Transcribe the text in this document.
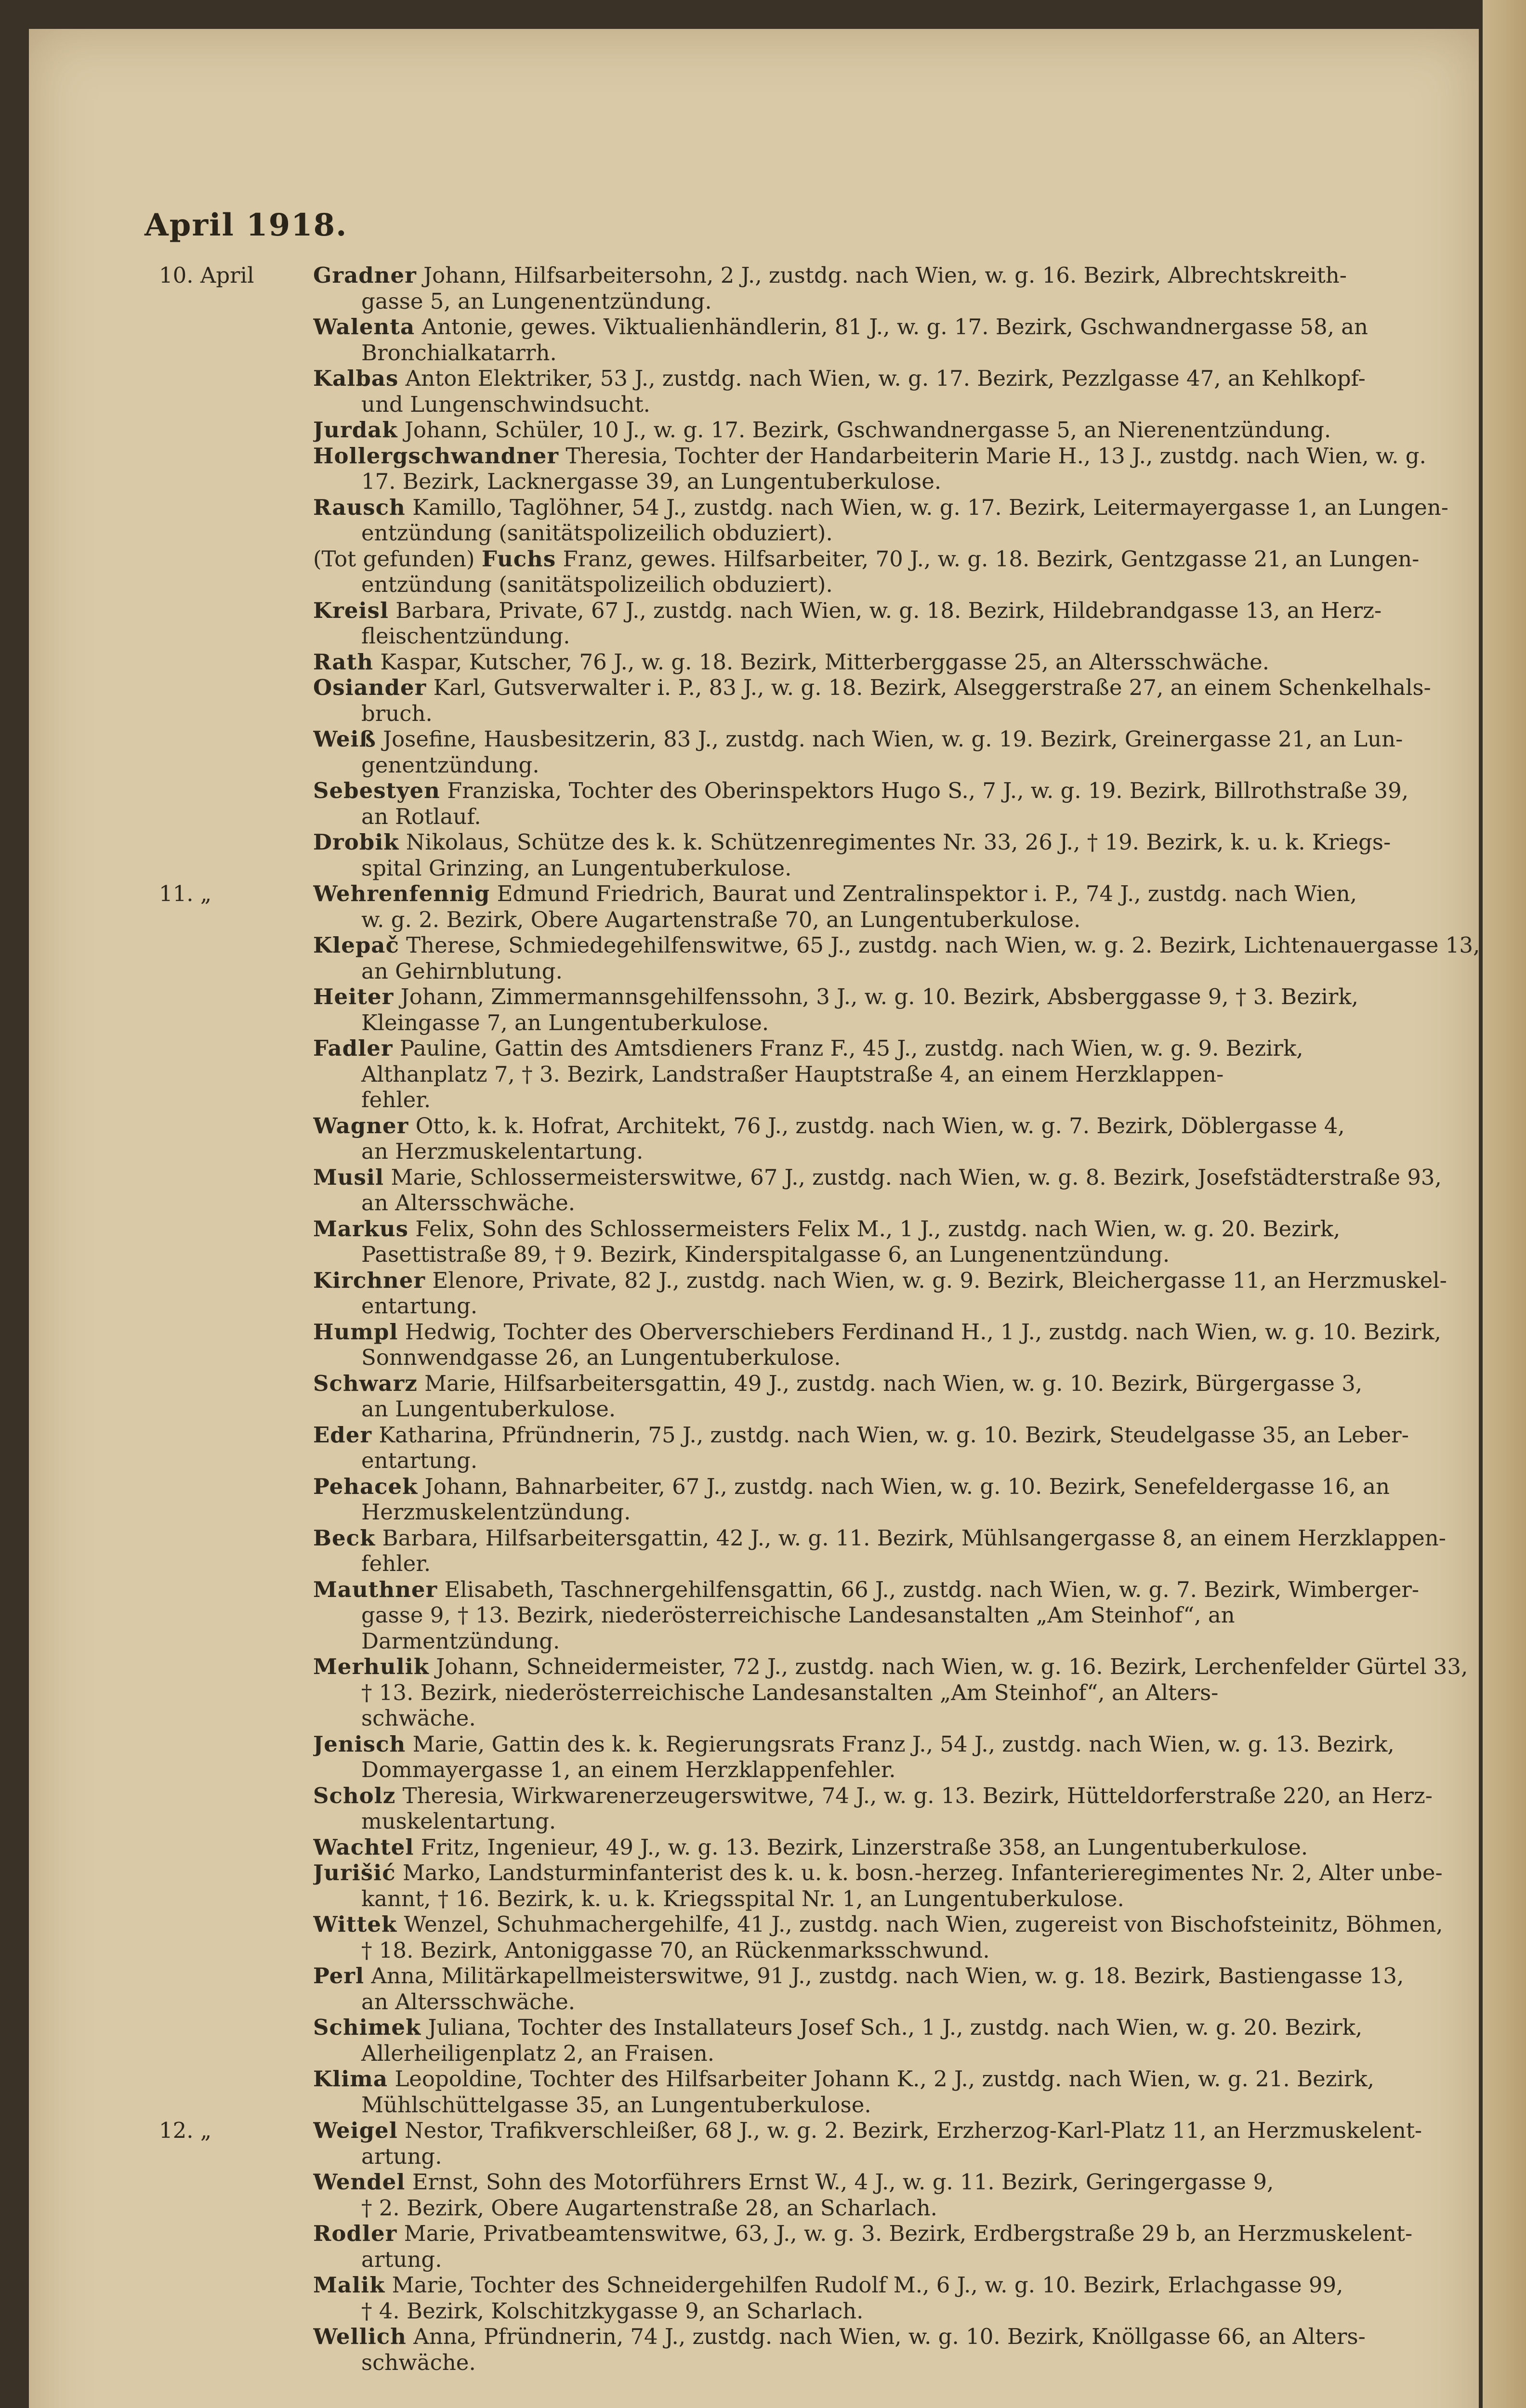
April 1918.
10. April	Gradner Johann, Hilfsarbeitersohn, 2 J., zustdg. nach Wien, w. g. 16. Bezirk, Albrechtskreith-
gasse 5, an Lungenentzündung.
Walenta Antonie, gewes. Viktualienhändlerin, 81 J., w. g. 17. Bezirk, Gschwandnergasse 58, an
Bronchialkatarrh.
Kalbas Anton Elektriker, 53 J., zustdg. nach Wien, w. g. 17. Bezirk, Pezzlgasse 47, an Kehlkopf-
und Lungenschwindsucht.
Jurdak Johann, Schüler, 10 J., w. g. 17. Bezirk, Gschwandnergasse 5, an Nierenentzündung.
Hollergschwandner Theresia, Tochter der Handarbeiterin Marie H., 13 J., zustdg. nach Wien, w. g.
17. Bezirk, Lacknergasse 39, an Lungentuberkulose.
Rausch Kamillo, Taglöhner, 54 J., zustdg. nach Wien, w. g. 17. Bezirk, Leitermayergasse 1, an Lungen-
entzündung (sanitätspolizeilich obduziert).
(Tot gefunden) Fuchs Franz, gewes. Hilfsarbeiter, 70 J., w. g. 18. Bezirk, Gentzgasse 21, an Lungen-
entzündung (sanitätspolizeilich obduziert).
Kreisl Barbara, Private, 67 J., zustdg. nach Wien, w. g. 18. Bezirk, Hildebrandgasse 13, an Herz-
fleischentzündung.
Rath Kaspar, Kutscher, 76 J., w. g. 18. Bezirk, Mitterberggasse 25, an Altersschwäche.
Osiander Karl, Gutsverwalter i. P., 83 J., w. g. 18. Bezirk, Alseggerstraße 27, an einem Schenkelhals-
bruch.
Weiß Josefine, Hausbesitzerin, 83 J., zustdg. nach Wien, w. g. 19. Bezirk, Greinergasse 21, an Lun-
genentzündung.
Sebestyen Franziska, Tochter des Oberinspektors Hugo S., 7 J., w. g. 19. Bezirk, Billrothstraße 39,
an Rotlauf.
Drobik Nikolaus, Schütze des k. k. Schützenregimentes Nr. 33, 26 J., † 19. Bezirk, k. u. k. Kriegs-
spital Grinzing, an Lungentuberkulose.
11. „	Wehrenfennig Edmund Friedrich, Baurat und Zentralinspektor i. P., 74 J., zustdg. nach Wien,
w. g. 2. Bezirk, Obere Augartenstraße 70, an Lungentuberkulose.
Klepač Therese, Schmiedegehilfenswitwe, 65 J., zustdg. nach Wien, w. g. 2. Bezirk, Lichtenauergasse 13,
an Gehirnblutung.
Heiter Johann, Zimmermannsgehilfenssohn, 3 J., w. g. 10. Bezirk, Absberggasse 9, † 3. Bezirk,
Kleingasse 7, an Lungentuberkulose.
Fadler Pauline, Gattin des Amtsdieners Franz F., 45 J., zustdg. nach Wien, w. g. 9. Bezirk,
Althanplatz 7, † 3. Bezirk, Landstraßer Hauptstraße 4, an einem Herzklappen-
fehler.
Wagner Otto, k. k. Hofrat, Architekt, 76 J., zustdg. nach Wien, w. g. 7. Bezirk, Döblergasse 4,
an Herzmuskelentartung.
Musil Marie, Schlossermeisterswitwe, 67 J., zustdg. nach Wien, w. g. 8. Bezirk, Josefstädterstraße 93,
an Altersschwäche.
Markus Felix, Sohn des Schlossermeisters Felix M., 1 J., zustdg. nach Wien, w. g. 20. Bezirk,
Pasettistraße 89, † 9. Bezirk, Kinderspitalgasse 6, an Lungenentzündung.
Kirchner Elenore, Private, 82 J., zustdg. nach Wien, w. g. 9. Bezirk, Bleichergasse 11, an Herzmuskel-
entartung.
Humpl Hedwig, Tochter des Oberverschiebers Ferdinand H., 1 J., zustdg. nach Wien, w. g. 10. Bezirk,
Sonnwendgasse 26, an Lungentuberkulose.
Schwarz Marie, Hilfsarbeitersgattin, 49 J., zustdg. nach Wien, w. g. 10. Bezirk, Bürgergasse 3,
an Lungentuberkulose.
Eder Katharina, Pfründnerin, 75 J., zustdg. nach Wien, w. g. 10. Bezirk, Steudelgasse 35, an Leber-
entartung.
Pehacek Johann, Bahnarbeiter, 67 J., zustdg. nach Wien, w. g. 10. Bezirk, Senefeldergasse 16, an
Herzmuskelentzündung.
Beck Barbara, Hilfsarbeitersgattin, 42 J., w. g. 11. Bezirk, Mühlsangergasse 8, an einem Herzklappen-
fehler.
Mauthner Elisabeth, Taschnergehilfensgattin, 66 J., zustdg. nach Wien, w. g. 7. Bezirk, Wimberger-
gasse 9, † 13. Bezirk, niederösterreichische Landesanstalten „Am Steinhof“, an
Darmentzündung.
Merhulik Johann, Schneidermeister, 72 J., zustdg. nach Wien, w. g. 16. Bezirk, Lerchenfelder Gürtel 33,
† 13. Bezirk, niederösterreichische Landesanstalten „Am Steinhof“, an Alters-
schwäche.
Jenisch Marie, Gattin des k. k. Regierungsrats Franz J., 54 J., zustdg. nach Wien, w. g. 13. Bezirk,
Dommayergasse 1, an einem Herzklappenfehler.
Scholz Theresia, Wirkwarenerzeugerswitwe, 74 J., w. g. 13. Bezirk, Hütteldorferstraße 220, an Herz-
muskelentartung.
Wachtel Fritz, Ingenieur, 49 J., w. g. 13. Bezirk, Linzerstraße 358, an Lungentuberkulose.
Jurišić Marko, Landsturminfanterist des k. u. k. bosn.-herzeg. Infanterieregimentes Nr. 2, Alter unbe-
kannt, † 16. Bezirk, k. u. k. Kriegsspital Nr. 1, an Lungentuberkulose.
Wittek Wenzel, Schuhmachergehilfe, 41 J., zustdg. nach Wien, zugereist von Bischofsteinitz, Böhmen,
† 18. Bezirk, Antoniggasse 70, an Rückenmarksschwund.
Perl Anna, Militärkapellmeisterswitwe, 91 J., zustdg. nach Wien, w. g. 18. Bezirk, Bastiengasse 13,
an Altersschwäche.
Schimek Juliana, Tochter des Installateurs Josef Sch., 1 J., zustdg. nach Wien, w. g. 20. Bezirk,
Allerheiligenplatz 2, an Fraisen.
Klima Leopoldine, Tochter des Hilfsarbeiter Johann K., 2 J., zustdg. nach Wien, w. g. 21. Bezirk,
Mühlschüttelgasse 35, an Lungentuberkulose.
12. „	Weigel Nestor, Trafikverschleißer, 68 J., w. g. 2. Bezirk, Erzherzog-Karl-Platz 11, an Herzmuskelent-
artung.
Wendel Ernst, Sohn des Motorführers Ernst W., 4 J., w. g. 11. Bezirk, Geringergasse 9,
† 2. Bezirk, Obere Augartenstraße 28, an Scharlach.
Rodler Marie, Privatbeamtenswitwe, 63, J., w. g. 3. Bezirk, Erdbergstraße 29 b, an Herzmuskelent-
artung.
Malik Marie, Tochter des Schneidergehilfen Rudolf M., 6 J., w. g. 10. Bezirk, Erlachgasse 99,
† 4. Bezirk, Kolschitzkygasse 9, an Scharlach.
Wellich Anna, Pfründnerin, 74 J., zustdg. nach Wien, w. g. 10. Bezirk, Knöllgasse 66, an Alters-
schwäche.
